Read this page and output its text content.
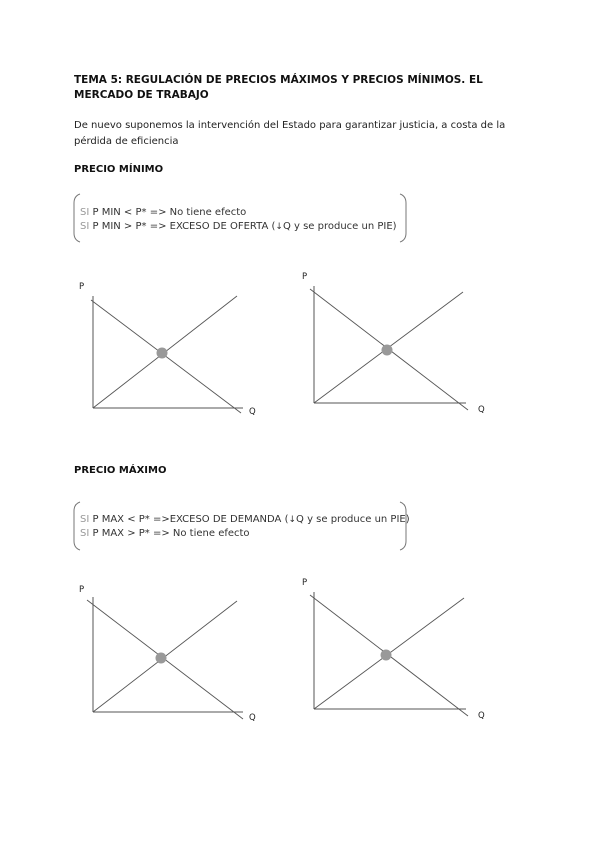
TEMA 5: REGULACIÓN DE PRECIOS MÁXIMOS Y PRECIOS MÍNIMOS. EL MERCADO DE TRABAJO
De nuevo suponemos la intervención del Estado para garantizar justicia, a costa de la pérdida de eficiencia
PRECIO MÍNIMO
SI P MIN < P* => No tiene efecto
SI P MIN > P* => EXCESO DE OFERTA (↓Q y se produce un PIE)
P
Q
P
Q
PRECIO MÁXIMO
SI P MAX < P* =>EXCESO DE DEMANDA (↓Q y se produce un PIE)
SI P MAX > P* => No tiene efecto
P
Q
P
Q
